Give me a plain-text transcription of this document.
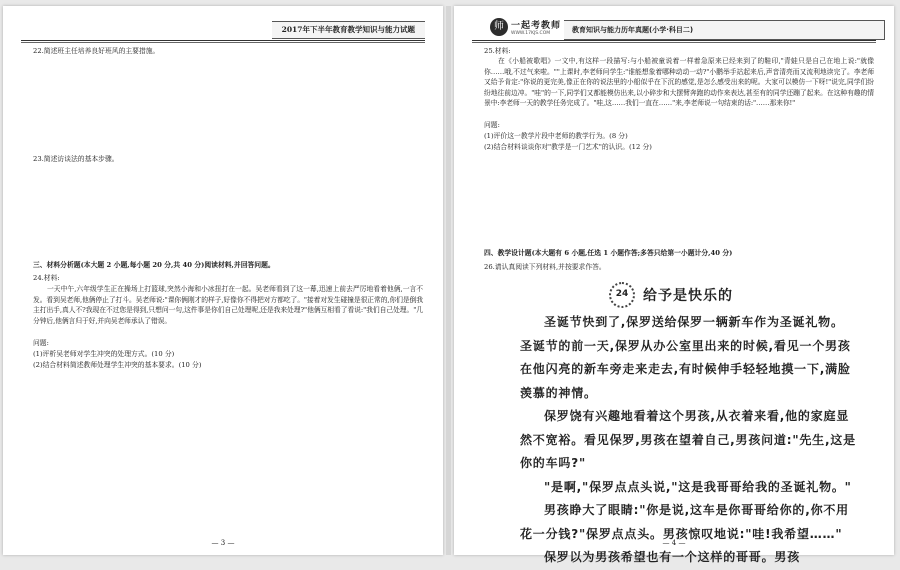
2017年下半年教育教学知识与能力试题
22.简述班主任培养良好班风的主要措施。
23.简述访谈法的基本步骤。
三、材料分析题(本大题 2 小题,每小题 20 分,共 40 分)阅读材料,并回答问题。
24.材料:
一天中午,六年级学生正在操场上打篮球,突然小海和小冰扭打在一起。吴老师看到了这一幕,迅速上前去严厉地看着他俩,一言不发。看到吴老师,他俩停止了打斗。吴老师说:"课你俩刚才的样子,好像你不得把对方都吃了。"接着对发生碰撞是很正常的,你们是倒我主打出手,真人不?我现在不过您是得到,只想问一句,这件事是你们自己处理呢,还是我来处理?"他俩互相看了看说:"我们自己处理。"几分钟后,他俩言归于好,并向吴老师承认了错误。
问题:
(1)评析吴老师对学生冲突的处理方式。(10 分)
(2)结合材料简述教师处理学生冲突的基本要求。(10 分)
— 3 —
师 一起考教师
WWW.17KJS.COM	教育知识与能力历年真题(小学·科目二)
25.材料:
在《小船被歌唱》一文中,有这样一段描写:与小船被童说着一样着急原来已经来到了的鞋印,"青蛙只是自己在地上说:"就像你……哦,不过气来啦。""上课时,李老师问学生:"谁能想象着哪种动动一动?"小鹏举手站起来后,声音清亮而又流利地读完了。李老师又给予肯定:"你说的更完美,像正在你的说法里的小船似乎在下沉的感觉,是怎么感受出来的呢。大家可以模仿一下呀!"说完,同学们纷纷地往前边冲。"哇"的一下,同学们又都能模仿出来,以小碎步和大摆臂奔跑的动作来表达,甚至有的同学还蹦了起来。在这种有趣的情景中:李老师一天的教学任务完成了。"哇,这……我们一直在……"来,李老师说一句结束的话:"……那来你!"
问题:
(1)评价这一教学片段中老师的教学行为。(8 分)
(2)结合材料谈谈你对"教学是一门艺术"的认识。(12 分)
四、教学设计题(本大题有 6 小题,任选 1 小题作答;多答只给第一小题计分,40 分)
26.请认真阅读下列材料,并按要求作答。
24	给予是快乐的

圣诞节快到了,保罗送给保罗一辆新车作为圣诞礼物。圣诞节的前一天,保罗从办公室里出来的时候,看见一个男孩在他闪亮的新车旁走来走去,有时候伸手轻轻地摸一下,满脸羡慕的神情。

保罗饶有兴趣地看着这个男孩,从衣着来看,他的家庭显然不宽裕。看见保罗,男孩在望着自己,男孩问道:"先生,这是你的车吗?"

"是啊,"保罗点点头说,"这是我哥哥给我的圣诞礼物。"

男孩睁大了眼睛:"你是说,这车是你哥哥给你的,你不用花一分钱?"保罗点点头。男孩惊叹地说:"哇!我希望……"

保罗以为男孩希望也有一个这样的哥哥。男孩

— 4 —
